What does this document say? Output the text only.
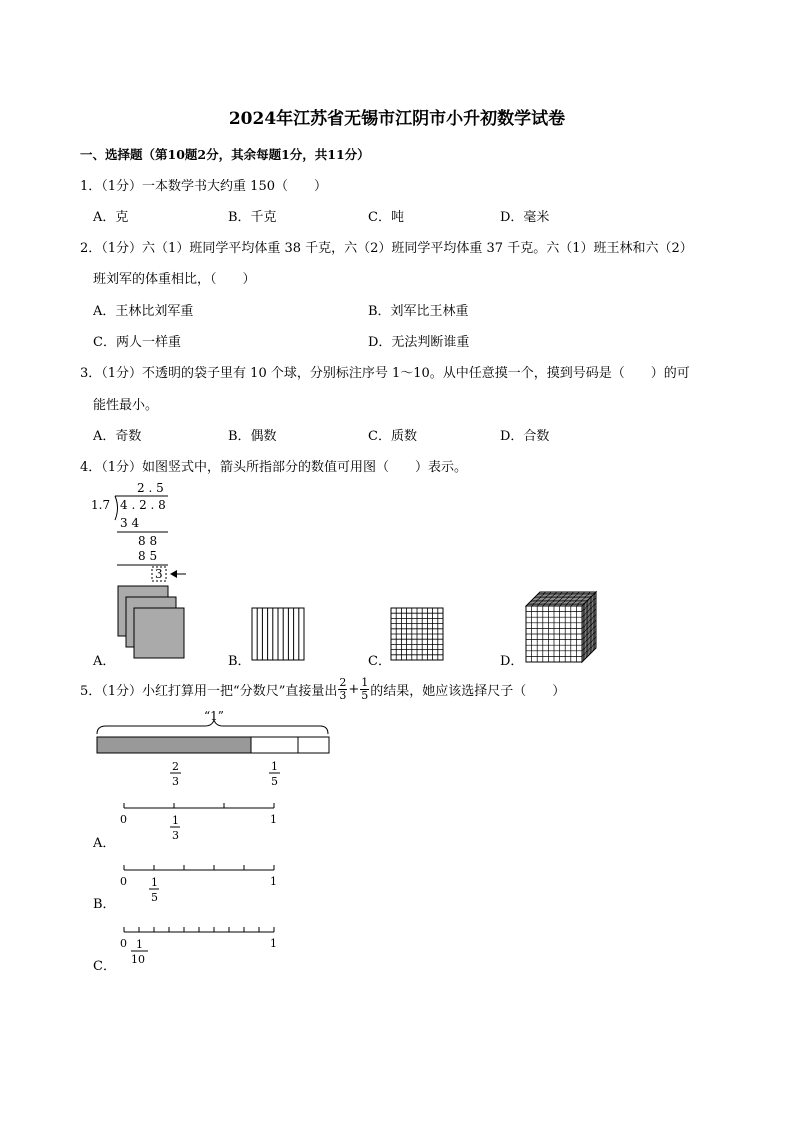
2024年江苏省无锡市江阴市小升初数学试卷
一、选择题（第10题2分，其余每题1分，共11分）
1．（1分）一本数学书大约重 150（　　）
A．克	B．千克	C．吨	D．毫米
2．（1分）六（1）班同学平均体重 38 千克，六（2）班同学平均体重 37 千克。六（1）班王林和六（2）
班刘军的体重相比，（　　）
A．王林比刘军重	B．刘军比王林重
C．两人一样重	D．无法判断谁重
3．（1分）不透明的袋子里有 10 个球，分别标注序号 1～10。从中任意摸一个，摸到号码是（　　）的可
能性最小。
A．奇数	B．偶数	C．质数	D．合数
4．（1分）如图竖式中，箭头所指部分的数值可用图（　　）表示。
2 . 5
1.7 4 . 2 . 8
3 4
8 8
8 5
3
A．	B．	C．	D．
5．（1分）小红打算用一把“分数尺”直接量出 $\frac{2}{3} + \frac{1}{5}$ 的结果，她应该选择尺子（　　）
“1”
2
3
1
5
A．
0	1
1
3
B．
0	1
1
5
C．
0	1
1
10
